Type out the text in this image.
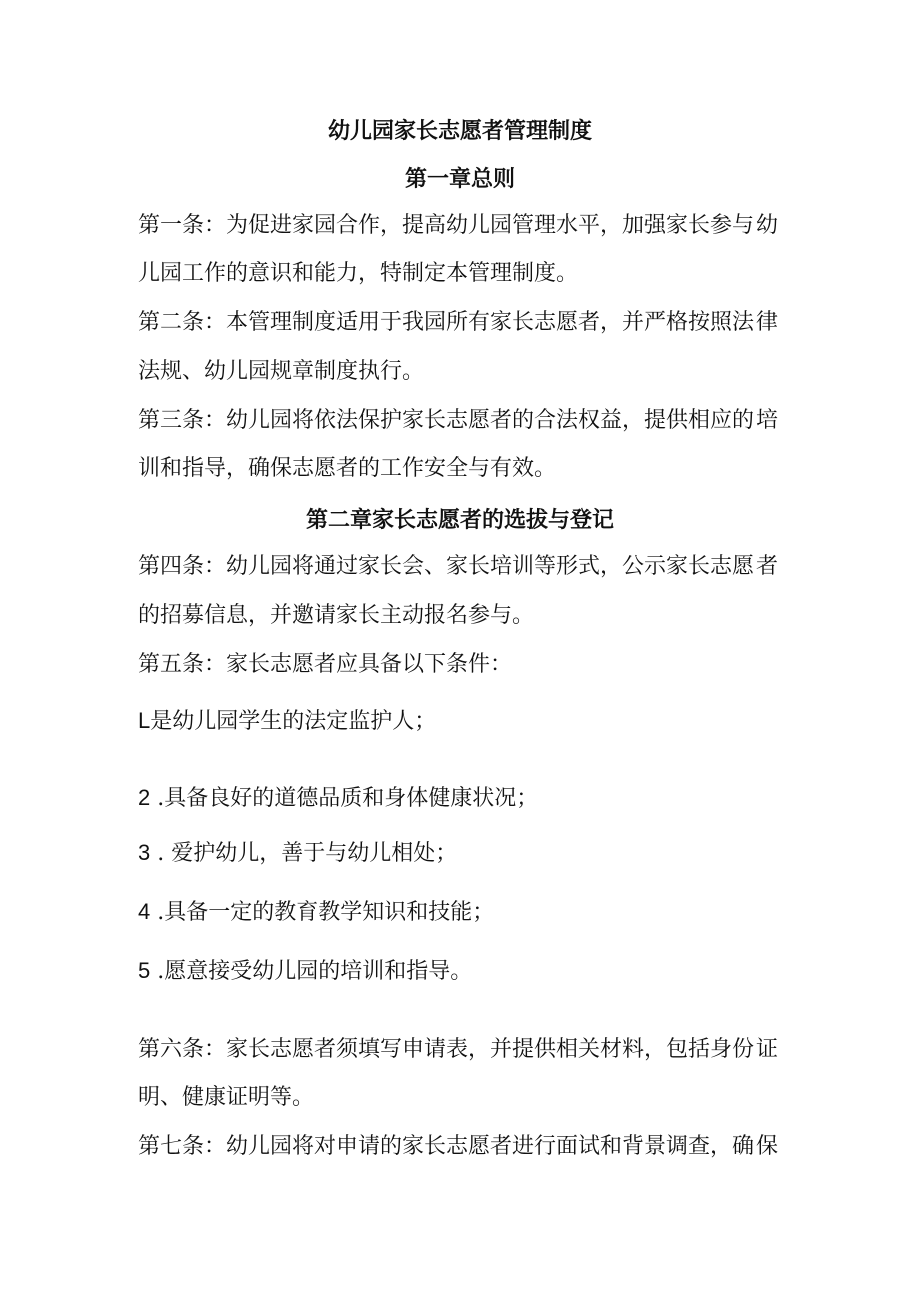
幼儿园家长志愿者管理制度
第一章总则
第一条：为促进家园合作，提高幼儿园管理水平，加强家长参与 幼
儿园工作的意识和能力，特制定本管理制度。
第二条：本管理制度适用于我园所有家长志愿者，并严格按照法 律
法规、幼儿园规章制度执行。
第三条：幼儿园将依法保护家长志愿者的合法权益，提供相应的 培
训和指导，确保志愿者的工作安全与有效。
第二章家长志愿者的选拔与登记
第四条：幼儿园将通过家长会、家长培训等形式，公示家长志愿 者
的招募信息，并邀请家长主动报名参与。
第五条：家长志愿者应具备以下条件：
L是幼儿园学生的法定监护人；
2 .具备良好的道德品质和身体健康状况；
3 . 爱护幼儿，善于与幼儿相处；
4 .具备一定的教育教学知识和技能；
5 .愿意接受幼儿园的培训和指导。
第六条：家长志愿者须填写申请表，并提供相关材料，包括身份 证
明、健康证明等。
第七条：幼儿园将对申请的家长志愿者进行面试和背景调查，确 保
